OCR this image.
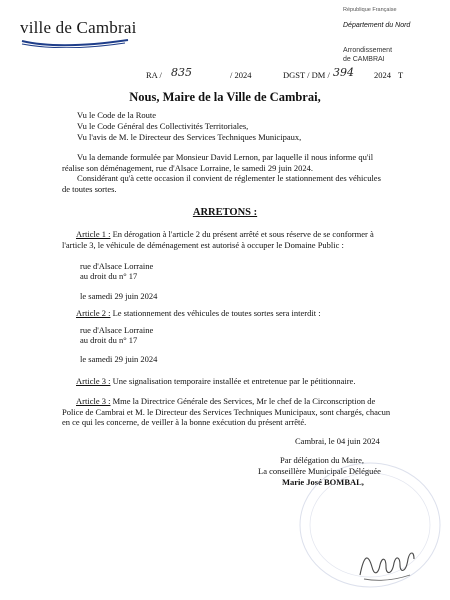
ville de Cambrai
République Française
Département du Nord
Arrondissement
de CAMBRAI
RA / 835	/ 2024	DGST / DM / 394 2024 T
Nous, Maire de la Ville de Cambrai,
Vu le Code de la Route
Vu le Code Général des Collectivités Territoriales,
Vu l'avis de M. le Directeur des Services Techniques Municipaux,
Vu la demande formulée par Monsieur David Lernon, par laquelle il nous informe qu'il réalise son déménagement, rue d'Alsace Lorraine, le samedi 29 juin 2024.
Considérant qu'à cette occasion il convient de réglementer le stationnement des véhicules de toutes sortes.
ARRETONS :
Article 1 : En dérogation à l'article 2 du présent arrêté et sous réserve de se conformer à l'article 3, le véhicule de déménagement est autorisé à occuper le Domaine Public :
rue d'Alsace Lorraine
au droit du n° 17
le samedi 29 juin 2024
Article 2 : Le stationnement des véhicules de toutes sortes sera interdit :
rue d'Alsace Lorraine
au droit du n° 17
le samedi 29 juin 2024
Article 3 : Une signalisation temporaire installée et entretenue par le pétitionnaire.
Article 3 : Mme la Directrice Générale des Services, Mr le chef de la Circonscription de Police de Cambrai et M. le Directeur des Services Techniques Municipaux, sont chargés, chacun en ce qui les concerne, de veiller à la bonne exécution du présent arrêté.
Cambrai, le 04 juin 2024
Par délégation du Maire,
La conseillère Municipale Déléguée
Marie José BOMBAL,
